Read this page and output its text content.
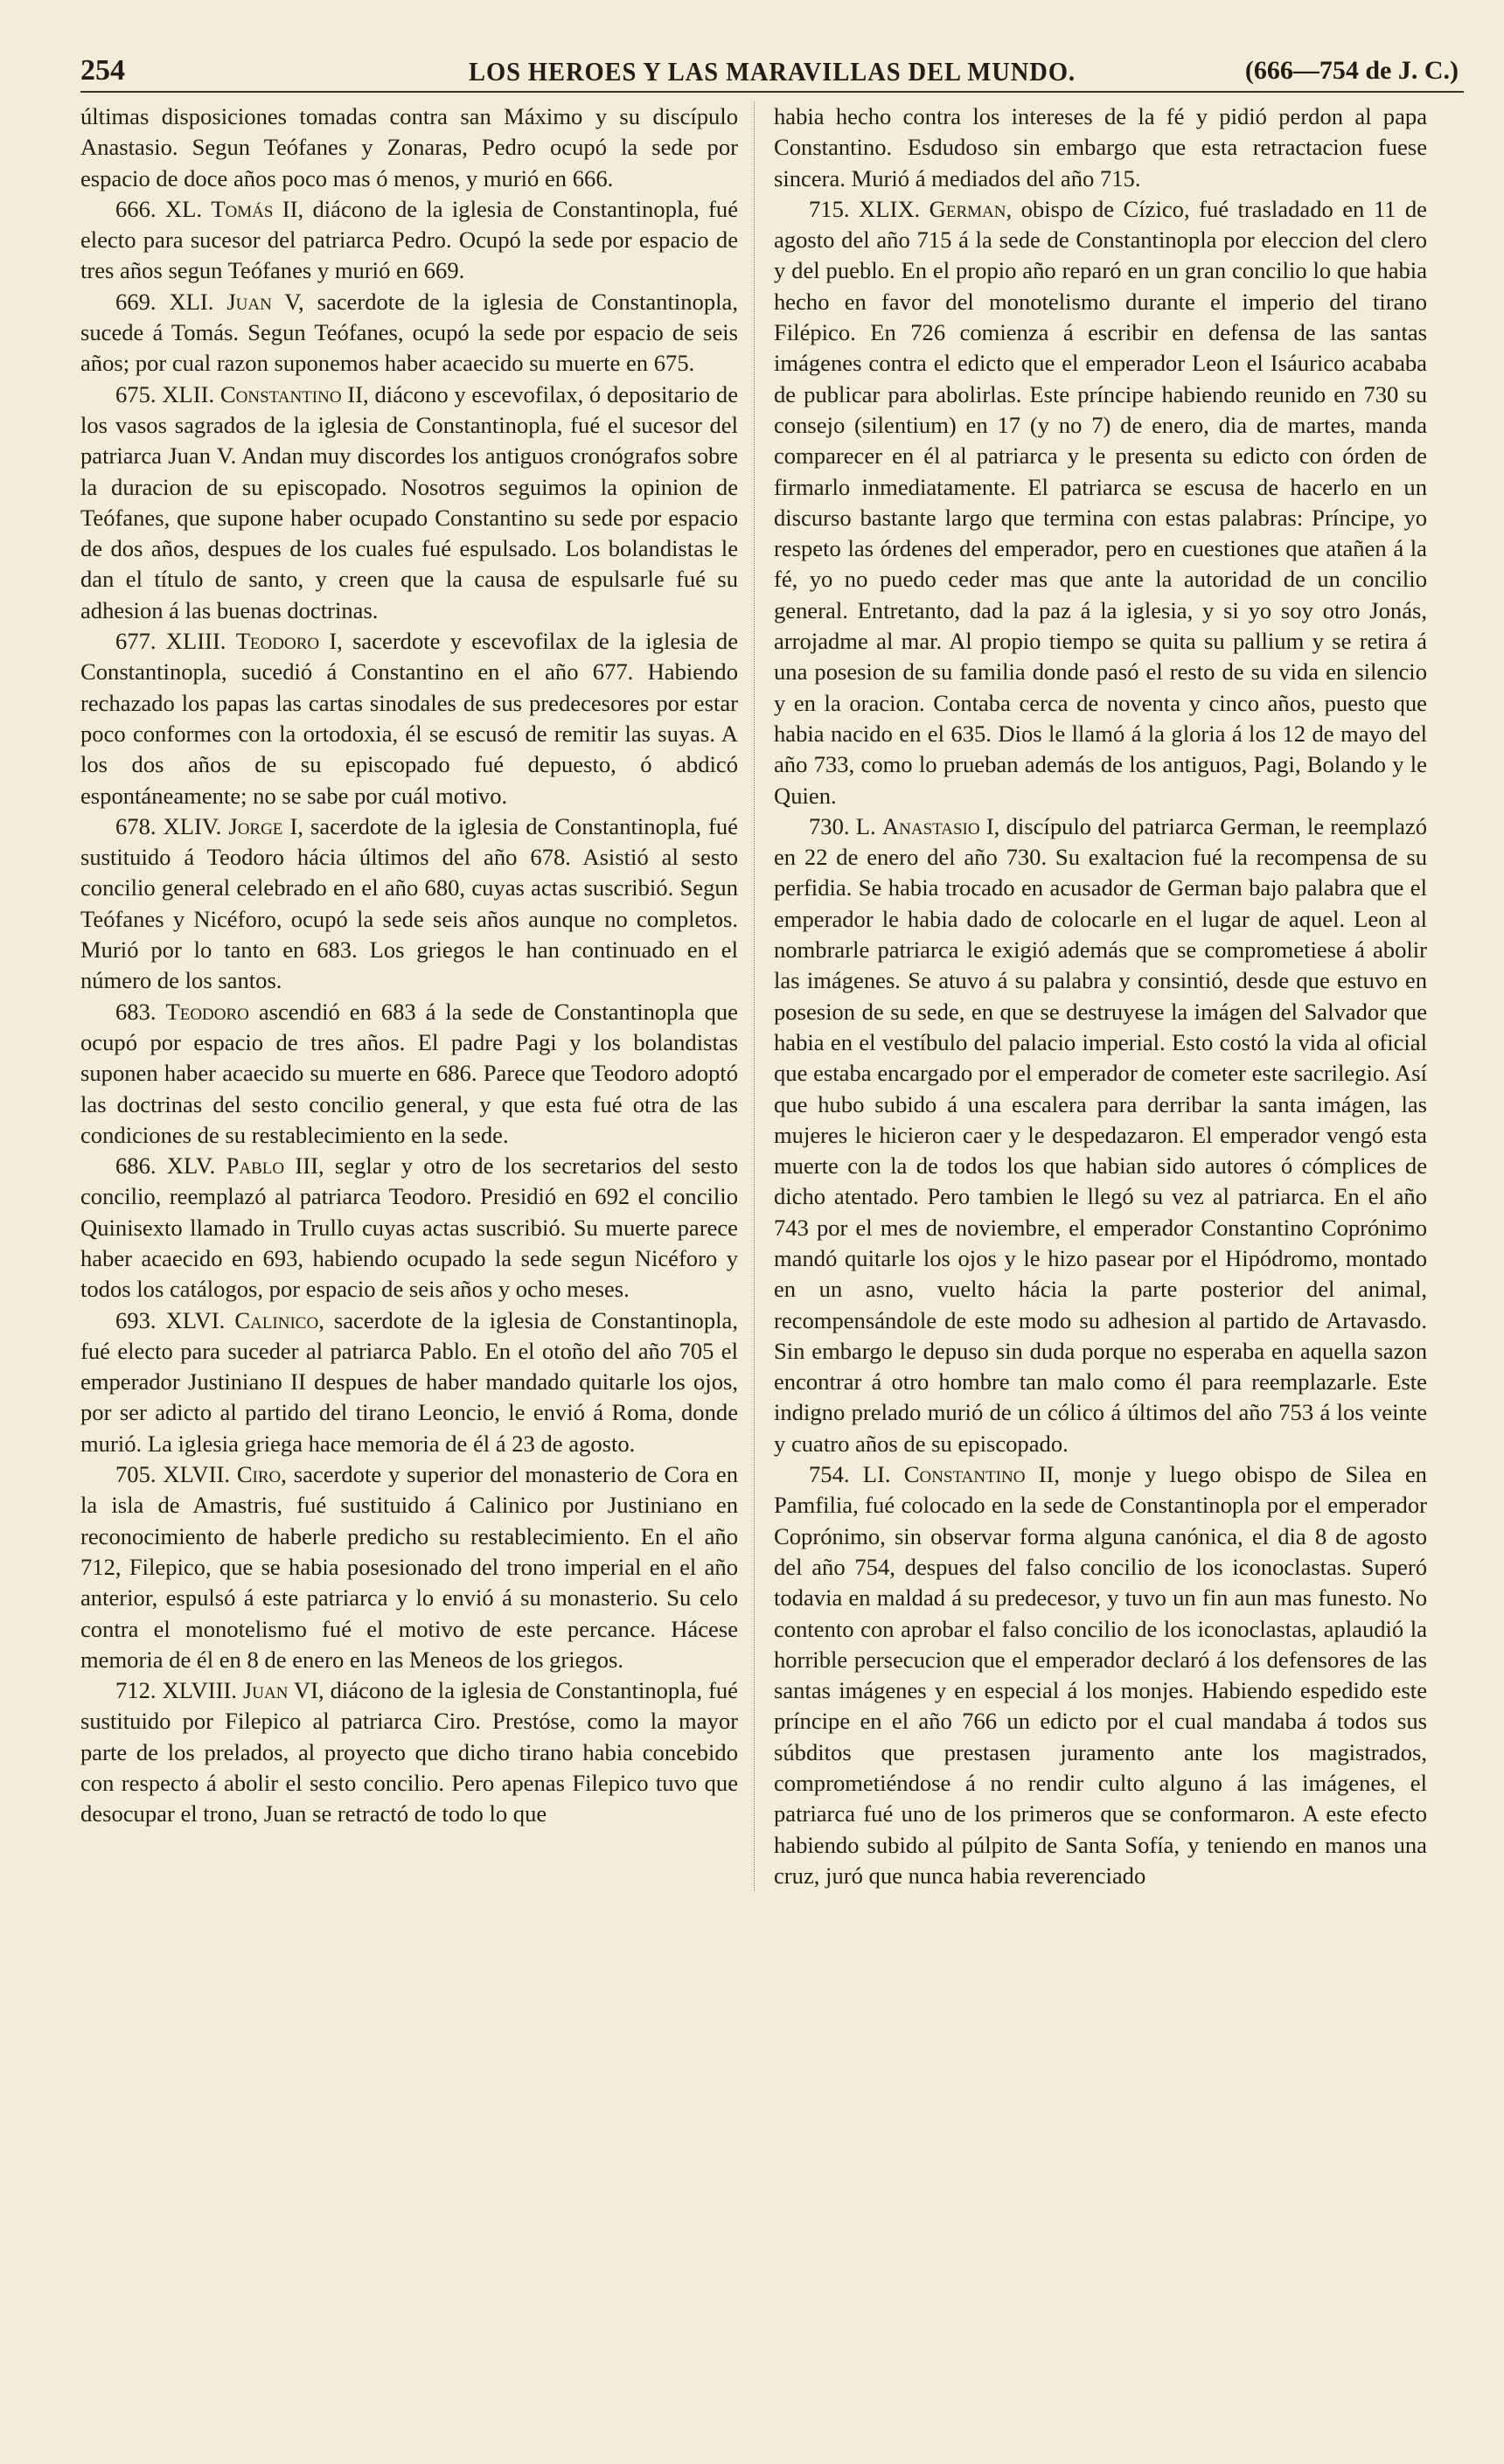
254	LOS HEROES Y LAS MARAVILLAS DEL MUNDO.	(666—754 de J. C.)

últimas disposiciones tomadas contra san Máximo y su discípulo Anastasio. Segun Teófanes y Zonaras, Pedro ocupó la sede por espacio de doce años poco mas ó menos, y murió en 666.

666. XL. Tomás II, diácono de la iglesia de Constantinopla, fué electo para sucesor del patriarca Pedro. Ocupó la sede por espacio de tres años segun Teófanes y murió en 669.

669. XLI. Juan V, sacerdote de la iglesia de Constantinopla, sucede á Tomás. Segun Teófanes, ocupó la sede por espacio de seis años; por cual razon suponemos haber acaecido su muerte en 675.

675. XLII. Constantino II, diácono y escevofilax, ó depositario de los vasos sagrados de la iglesia de Constantinopla, fué el sucesor del patriarca Juan V. Andan muy discordes los antiguos cronógrafos sobre la duracion de su episcopado. Nosotros seguimos la opinion de Teófanes, que supone haber ocupado Constantino su sede por espacio de dos años, despues de los cuales fué espulsado. Los bolandistas le dan el título de santo, y creen que la causa de espulsarle fué su adhesion á las buenas doctrinas.

677. XLIII. Teodoro I, sacerdote y escevofilax de la iglesia de Constantinopla, sucedió á Constantino en el año 677. Habiendo rechazado los papas las cartas sinodales de sus predecesores por estar poco conformes con la ortodoxia, él se escusó de remitir las suyas. A los dos años de su episcopado fué depuesto, ó abdicó espontáneamente; no se sabe por cuál motivo.

678. XLIV. Jorge I, sacerdote de la iglesia de Constantinopla, fué sustituido á Teodoro hácia últimos del año 678. Asistió al sesto concilio general celebrado en el año 680, cuyas actas suscribió. Segun Teófanes y Nicéforo, ocupó la sede seis años aunque no completos. Murió por lo tanto en 683. Los griegos le han continuado en el número de los santos.

683. Teodoro ascendió en 683 á la sede de Constantinopla que ocupó por espacio de tres años. El padre Pagi y los bolandistas suponen haber acaecido su muerte en 686. Parece que Teodoro adoptó las doctrinas del sesto concilio general, y que esta fué otra de las condiciones de su restablecimiento en la sede.

686. XLV. Pablo III, seglar y otro de los secretarios del sesto concilio, reemplazó al patriarca Teodoro. Presidió en 692 el concilio Quinisexto llamado in Trullo cuyas actas suscribió. Su muerte parece haber acaecido en 693, habiendo ocupado la sede segun Nicéforo y todos los catálogos, por espacio de seis años y ocho meses.

693. XLVI. Calinico, sacerdote de la iglesia de Constantinopla, fué electo para suceder al patriarca Pablo. En el otoño del año 705 el emperador Justiniano II despues de haber mandado quitarle los ojos, por ser adicto al partido del tirano Leoncio, le envió á Roma, donde murió. La iglesia griega hace memoria de él á 23 de agosto.

705. XLVII. Ciro, sacerdote y superior del monasterio de Cora en la isla de Amastris, fué sustituido á Calinico por Justiniano en reconocimiento de haberle predicho su restablecimiento. En el año 712, Filepico, que se habia posesionado del trono imperial en el año anterior, espulsó á este patriarca y lo envió á su monasterio. Su celo contra el monotelismo fué el motivo de este percance. Hácese memoria de él en 8 de enero en las Meneos de los griegos.

712. XLVIII. Juan VI, diácono de la iglesia de Constantinopla, fué sustituido por Filepico al patriarca Ciro. Prestóse, como la mayor parte de los prelados, al proyecto que dicho tirano habia concebido con respecto á abolir el sesto concilio. Pero apenas Filepico tuvo que desocupar el trono, Juan se retractó de todo lo que

habia hecho contra los intereses de la fé y pidió perdon al papa Constantino. Esdudoso sin embargo que esta retractacion fuese sincera. Murió á mediados del año 715.

715. XLIX. German, obispo de Cízico, fué trasladado en 11 de agosto del año 715 á la sede de Constantinopla por eleccion del clero y del pueblo. En el propio año reparó en un gran concilio lo que habia hecho en favor del monotelismo durante el imperio del tirano Filépico. En 726 comienza á escribir en defensa de las santas imágenes contra el edicto que el emperador Leon el Isáurico acababa de publicar para abolirlas. Este príncipe habiendo reunido en 730 su consejo (silentium) en 17 (y no 7) de enero, dia de martes, manda comparecer en él al patriarca y le presenta su edicto con órden de firmarlo inmediatamente. El patriarca se escusa de hacerlo en un discurso bastante largo que termina con estas palabras: Príncipe, yo respeto las órdenes del emperador, pero en cuestiones que atañen á la fé, yo no puedo ceder mas que ante la autoridad de un concilio general. Entretanto, dad la paz á la iglesia, y si yo soy otro Jonás, arrojadme al mar. Al propio tiempo se quita su pallium y se retira á una posesion de su familia donde pasó el resto de su vida en silencio y en la oracion. Contaba cerca de noventa y cinco años, puesto que habia nacido en el 635. Dios le llamó á la gloria á los 12 de mayo del año 733, como lo prueban además de los antiguos, Pagi, Bolando y le Quien.

730. L. Anastasio I, discípulo del patriarca German, le reemplazó en 22 de enero del año 730. Su exaltacion fué la recompensa de su perfidia. Se habia trocado en acusador de German bajo palabra que el emperador le habia dado de colocarle en el lugar de aquel. Leon al nombrarle patriarca le exigió además que se comprometiese á abolir las imágenes. Se atuvo á su palabra y consintió, desde que estuvo en posesion de su sede, en que se destruyese la imágen del Salvador que habia en el vestíbulo del palacio imperial. Esto costó la vida al oficial que estaba encargado por el emperador de cometer este sacrilegio. Así que hubo subido á una escalera para derribar la santa imágen, las mujeres le hicieron caer y le despedazaron. El emperador vengó esta muerte con la de todos los que habian sido autores ó cómplices de dicho atentado. Pero tambien le llegó su vez al patriarca. En el año 743 por el mes de noviembre, el emperador Constantino Coprónimo mandó quitarle los ojos y le hizo pasear por el Hipódromo, montado en un asno, vuelto hácia la parte posterior del animal, recompensándole de este modo su adhesion al partido de Artavasdo. Sin embargo le depuso sin duda porque no esperaba en aquella sazon encontrar á otro hombre tan malo como él para reemplazarle. Este indigno prelado murió de un cólico á últimos del año 753 á los veinte y cuatro años de su episcopado.

754. LI. Constantino II, monje y luego obispo de Silea en Pamfilia, fué colocado en la sede de Constantinopla por el emperador Coprónimo, sin observar forma alguna canónica, el dia 8 de agosto del año 754, despues del falso concilio de los iconoclastas. Superó todavia en maldad á su predecesor, y tuvo un fin aun mas funesto. No contento con aprobar el falso concilio de los iconoclastas, aplaudió la horrible persecucion que el emperador declaró á los defensores de las santas imágenes y en especial á los monjes. Habiendo espedido este príncipe en el año 766 un edicto por el cual mandaba á todos sus súbditos que prestasen juramento ante los magistrados, comprometiéndose á no rendir culto alguno á las imágenes, el patriarca fué uno de los primeros que se conformaron. A este efecto habiendo subido al púlpito de Santa Sofía, y teniendo en manos una cruz, juró que nunca habia reverenciado
